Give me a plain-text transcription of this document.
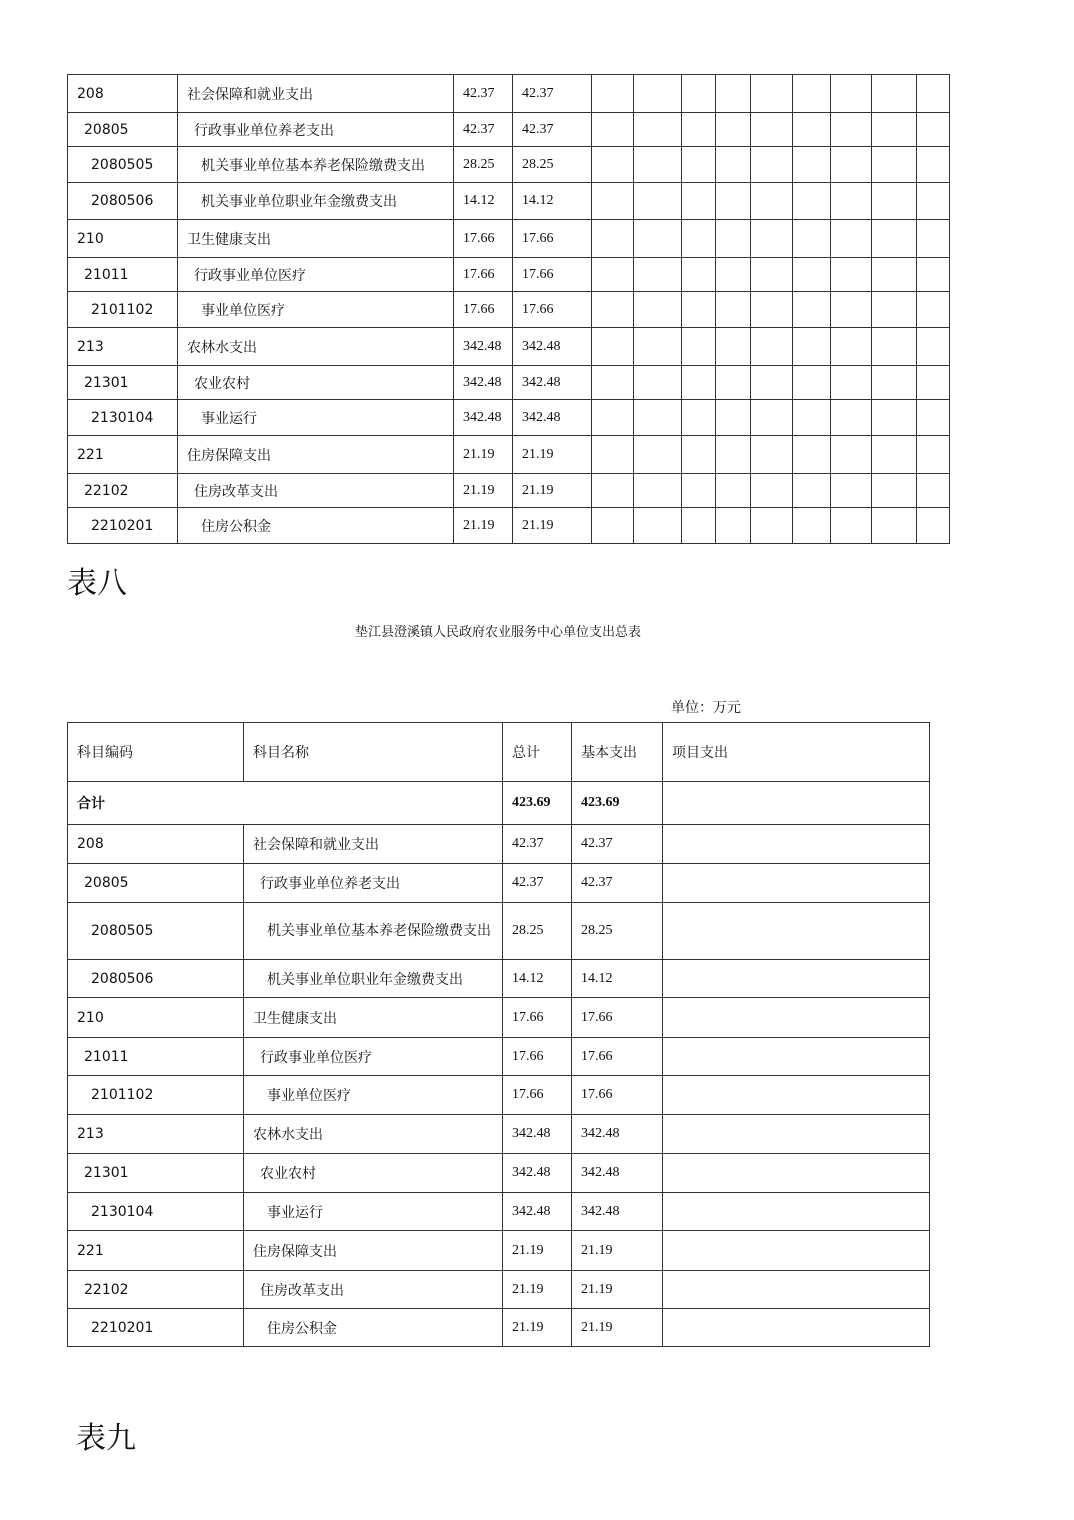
208	社会保障和就业支出	42.37	42.37									
20805	行政事业单位养老支出	42.37	42.37									
2080505	机关事业单位基本养老保险缴费支出	28.25	28.25									
2080506	机关事业单位职业年金缴费支出	14.12	14.12									
210	卫生健康支出	17.66	17.66									
21011	行政事业单位医疗	17.66	17.66									
2101102	事业单位医疗	17.66	17.66									
213	农林水支出	342.48	342.48									
21301	农业农村	342.48	342.48									
2130104	事业运行	342.48	342.48									
221	住房保障支出	21.19	21.19									
22102	住房改革支出	21.19	21.19									
2210201	住房公积金	21.19	21.19									
表八
垫江县澄溪镇人民政府农业服务中心单位支出总表
单位：万元
科目编码	科目名称	总计	基本支出	项目支出
合计		423.69	423.69	
208	社会保障和就业支出	42.37	42.37	
20805	行政事业单位养老支出	42.37	42.37	
2080505	机关事业单位基本养老保险缴费支出	28.25	28.25	
2080506	机关事业单位职业年金缴费支出	14.12	14.12	
210	卫生健康支出	17.66	17.66	
21011	行政事业单位医疗	17.66	17.66	
2101102	事业单位医疗	17.66	17.66	
213	农林水支出	342.48	342.48	
21301	农业农村	342.48	342.48	
2130104	事业运行	342.48	342.48	
221	住房保障支出	21.19	21.19	
22102	住房改革支出	21.19	21.19	
2210201	住房公积金	21.19	21.19	
表九
